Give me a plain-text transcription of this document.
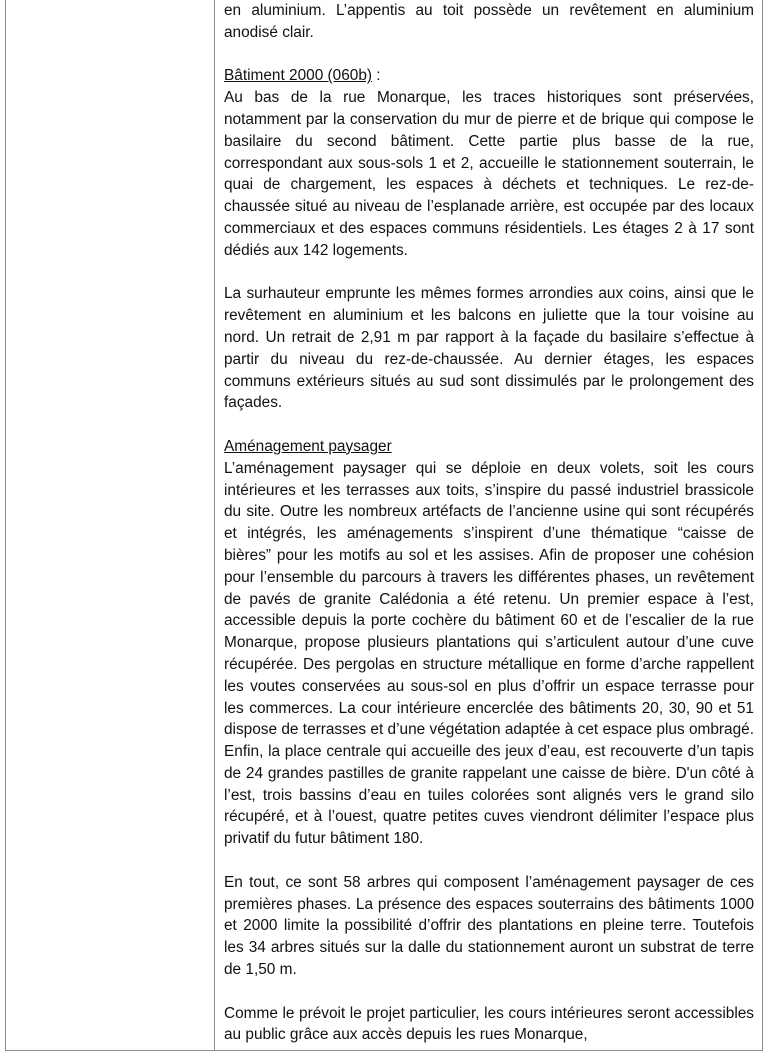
en aluminium. L’appentis au toit possède un revêtement en aluminium anodisé clair.

Bâtiment 2000 (060b) :

Au bas de la rue Monarque, les traces historiques sont préservées, notamment par la conservation du mur de pierre et de brique qui compose le basilaire du second bâtiment. Cette partie plus basse de la rue, correspondant aux sous-sols 1 et 2, accueille le stationnement souterrain, le quai de chargement, les espaces à déchets et techniques. Le rez-de-chaussée situé au niveau de l’esplanade arrière, est occupée par des locaux commerciaux et des espaces communs résidentiels. Les étages 2 à 17 sont dédiés aux 142 logements.

La surhauteur emprunte les mêmes formes arrondies aux coins, ainsi que le revêtement en aluminium et les balcons en juliette que la tour voisine au nord. Un retrait de 2,91 m par rapport à la façade du basilaire s’effectue à partir du niveau du rez-de-chaussée. Au dernier étages, les espaces communs extérieurs situés au sud sont dissimulés par le prolongement des façades.

Aménagement paysager

L’aménagement paysager qui se déploie en deux volets, soit les cours intérieures et les terrasses aux toits, s’inspire du passé industriel brassicole du site. Outre les nombreux artéfacts de l’ancienne usine qui sont récupérés et intégrés, les aménagements s’inspirent d’une thématique “caisse de bières” pour les motifs au sol et les assises. Afin de proposer une cohésion pour l’ensemble du parcours à travers les différentes phases, un revêtement de pavés de granite Calédonia a été retenu. Un premier espace à l’est, accessible depuis la porte cochère du bâtiment 60 et de l’escalier de la rue Monarque, propose plusieurs plantations qui s’articulent autour d’une cuve récupérée. Des pergolas en structure métallique en forme d’arche rappellent les voutes conservées au sous-sol en plus d’offrir un espace terrasse pour les commerces. La cour intérieure encerclée des bâtiments 20, 30, 90 et 51 dispose de terrasses et d’une végétation adaptée à cet espace plus ombragé. Enfin, la place centrale qui accueille des jeux d’eau, est recouverte d’un tapis de 24 grandes pastilles de granite rappelant une caisse de bière. D'un côté à l’est, trois bassins d’eau en tuiles colorées sont alignés vers le grand silo récupéré, et à l’ouest, quatre petites cuves viendront délimiter l’espace plus privatif du futur bâtiment 180.

En tout, ce sont 58 arbres qui composent l’aménagement paysager de ces premières phases. La présence des espaces souterrains des bâtiments 1000 et 2000 limite la possibilité d’offrir des plantations en pleine terre. Toutefois les 34 arbres situés sur la dalle du stationnement auront un substrat de terre de 1,50 m.

Comme le prévoit le projet particulier, les cours intérieures seront accessibles au public grâce aux accès depuis les rues Monarque,
